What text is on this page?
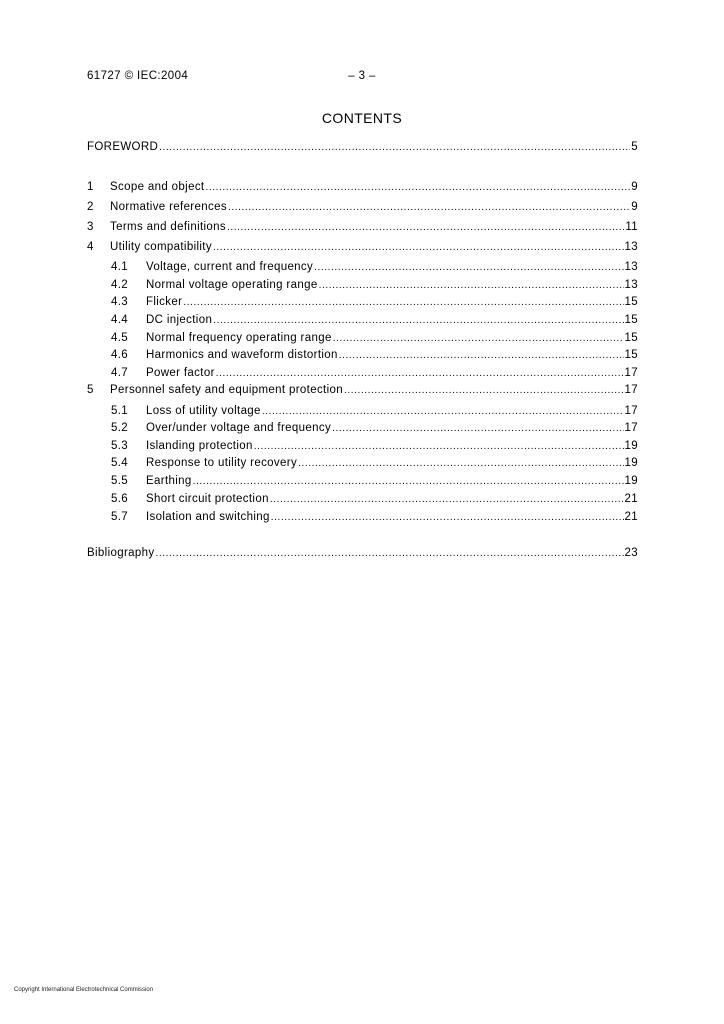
61727 © IEC:2004	– 3 –
CONTENTS
FOREWORD .....	5
1	Scope and object .....	9
2	Normative references .....	9
3	Terms and definitions .....	11
4	Utility compatibility .....	13
4.1	Voltage, current and frequency .....	13
4.2	Normal voltage operating range .....	13
4.3	Flicker .....	15
4.4	DC injection .....	15
4.5	Normal frequency operating range .....	15
4.6	Harmonics and waveform distortion .....	15
4.7	Power factor .....	17
5	Personnel safety and equipment protection .....	17
5.1	Loss of utility voltage .....	17
5.2	Over/under voltage and frequency .....	17
5.3	Islanding protection .....	19
5.4	Response to utility recovery .....	19
5.5	Earthing .....	19
5.6	Short circuit protection .....	21
5.7	Isolation and switching .....	21
Bibliography .....	23
Copyright International Electrotechnical Commission
